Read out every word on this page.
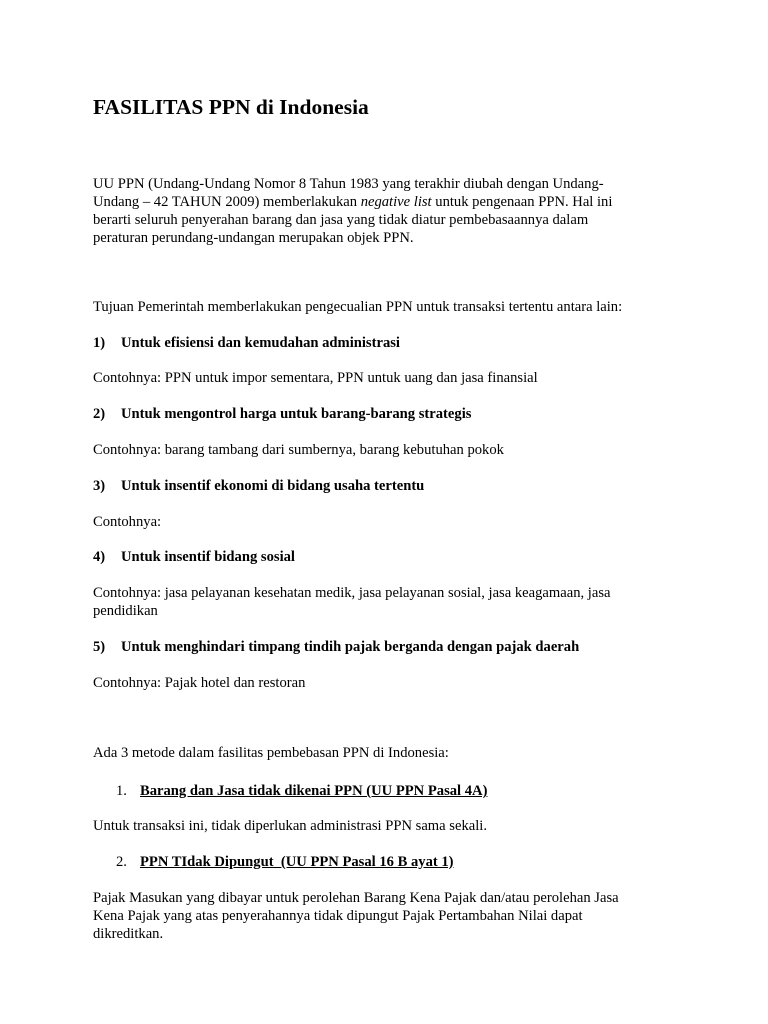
FASILITAS PPN di Indonesia
UU PPN (Undang-Undang Nomor 8 Tahun 1983 yang terakhir diubah dengan Undang-
Undang – 42 TAHUN 2009) memberlakukan negative list untuk pengenaan PPN. Hal ini
berarti seluruh penyerahan barang dan jasa yang tidak diatur pembebasaannya dalam
peraturan perundang-undangan merupakan objek PPN.
Tujuan Pemerintah memberlakukan pengecualian PPN untuk transaksi tertentu antara lain:
1) Untuk efisiensi dan kemudahan administrasi
Contohnya: PPN untuk impor sementara, PPN untuk uang dan jasa finansial
2) Untuk mengontrol harga untuk barang-barang strategis
Contohnya: barang tambang dari sumbernya, barang kebutuhan pokok
3) Untuk insentif ekonomi di bidang usaha tertentu
Contohnya:
4) Untuk insentif bidang sosial
Contohnya: jasa pelayanan kesehatan medik, jasa pelayanan sosial, jasa keagamaan, jasa
pendidikan
5) Untuk menghindari timpang tindih pajak berganda dengan pajak daerah
Contohnya: Pajak hotel dan restoran
Ada 3 metode dalam fasilitas pembebasan PPN di Indonesia:
1. Barang dan Jasa tidak dikenai PPN (UU PPN Pasal 4A)
Untuk transaksi ini, tidak diperlukan administrasi PPN sama sekali.
2. PPN TIdak Dipungut  (UU PPN Pasal 16 B ayat 1)
Pajak Masukan yang dibayar untuk perolehan Barang Kena Pajak dan/atau perolehan Jasa
Kena Pajak yang atas penyerahannya tidak dipungut Pajak Pertambahan Nilai dapat
dikreditkan.
